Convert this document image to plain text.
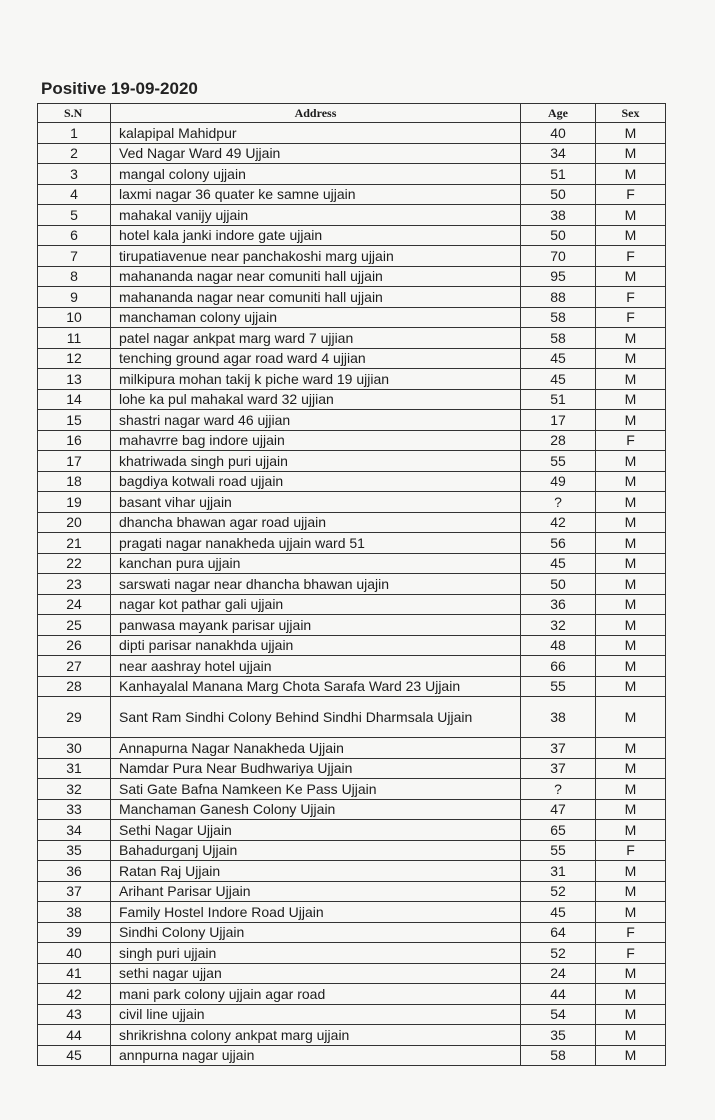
Positive 19-09-2020
S.N	Address	Age	Sex
1	kalapipal Mahidpur	40	M
2	Ved Nagar Ward 49 Ujjain	34	M
3	mangal colony ujjain	51	M
4	laxmi nagar 36 quater ke samne ujjain	50	F
5	mahakal vanijy ujjain	38	M
6	hotel kala janki indore gate ujjain	50	M
7	tirupatiavenue near panchakoshi marg ujjain	70	F
8	mahananda nagar near comuniti hall ujjain	95	M
9	mahananda nagar near comuniti hall ujjain	88	F
10	manchaman colony ujjain	58	F
11	patel nagar ankpat marg ward 7 ujjian	58	M
12	tenching ground agar road ward 4 ujjian	45	M
13	milkipura mohan takij k piche ward 19 ujjian	45	M
14	lohe ka pul mahakal ward 32 ujjian	51	M
15	shastri nagar ward 46 ujjian	17	M
16	mahavrre bag indore ujjain	28	F
17	khatriwada singh puri ujjain	55	M
18	bagdiya kotwali road ujjain	49	M
19	basant vihar ujjain	?	M
20	dhancha bhawan agar road ujjain	42	M
21	pragati nagar nanakheda ujjain ward 51	56	M
22	kanchan pura ujjain	45	M
23	sarswati nagar near dhancha bhawan ujajin	50	M
24	nagar kot pathar gali ujjain	36	M
25	panwasa mayank parisar ujjain	32	M
26	dipti parisar nanakhda ujjain	48	M
27	near aashray hotel ujjain	66	M
28	Kanhayalal Manana Marg Chota Sarafa Ward 23 Ujjain	55	M
29	Sant Ram Sindhi Colony Behind Sindhi Dharmsala Ujjain	38	M
30	Annapurna Nagar Nanakheda Ujjain	37	M
31	Namdar Pura Near Budhwariya Ujjain	37	M
32	Sati Gate Bafna Namkeen Ke Pass Ujjain	?	M
33	Manchaman Ganesh Colony Ujjain	47	M
34	Sethi Nagar Ujjain	65	M
35	Bahadurganj Ujjain	55	F
36	Ratan Raj Ujjain	31	M
37	Arihant Parisar Ujjain	52	M
38	Family Hostel Indore Road Ujjain	45	M
39	Sindhi Colony Ujjain	64	F
40	singh puri ujjain	52	F
41	sethi nagar ujjan	24	M
42	mani park colony ujjain agar road	44	M
43	civil line ujjain	54	M
44	shrikrishna colony ankpat marg ujjain	35	M
45	annpurna nagar ujjain	58	M
